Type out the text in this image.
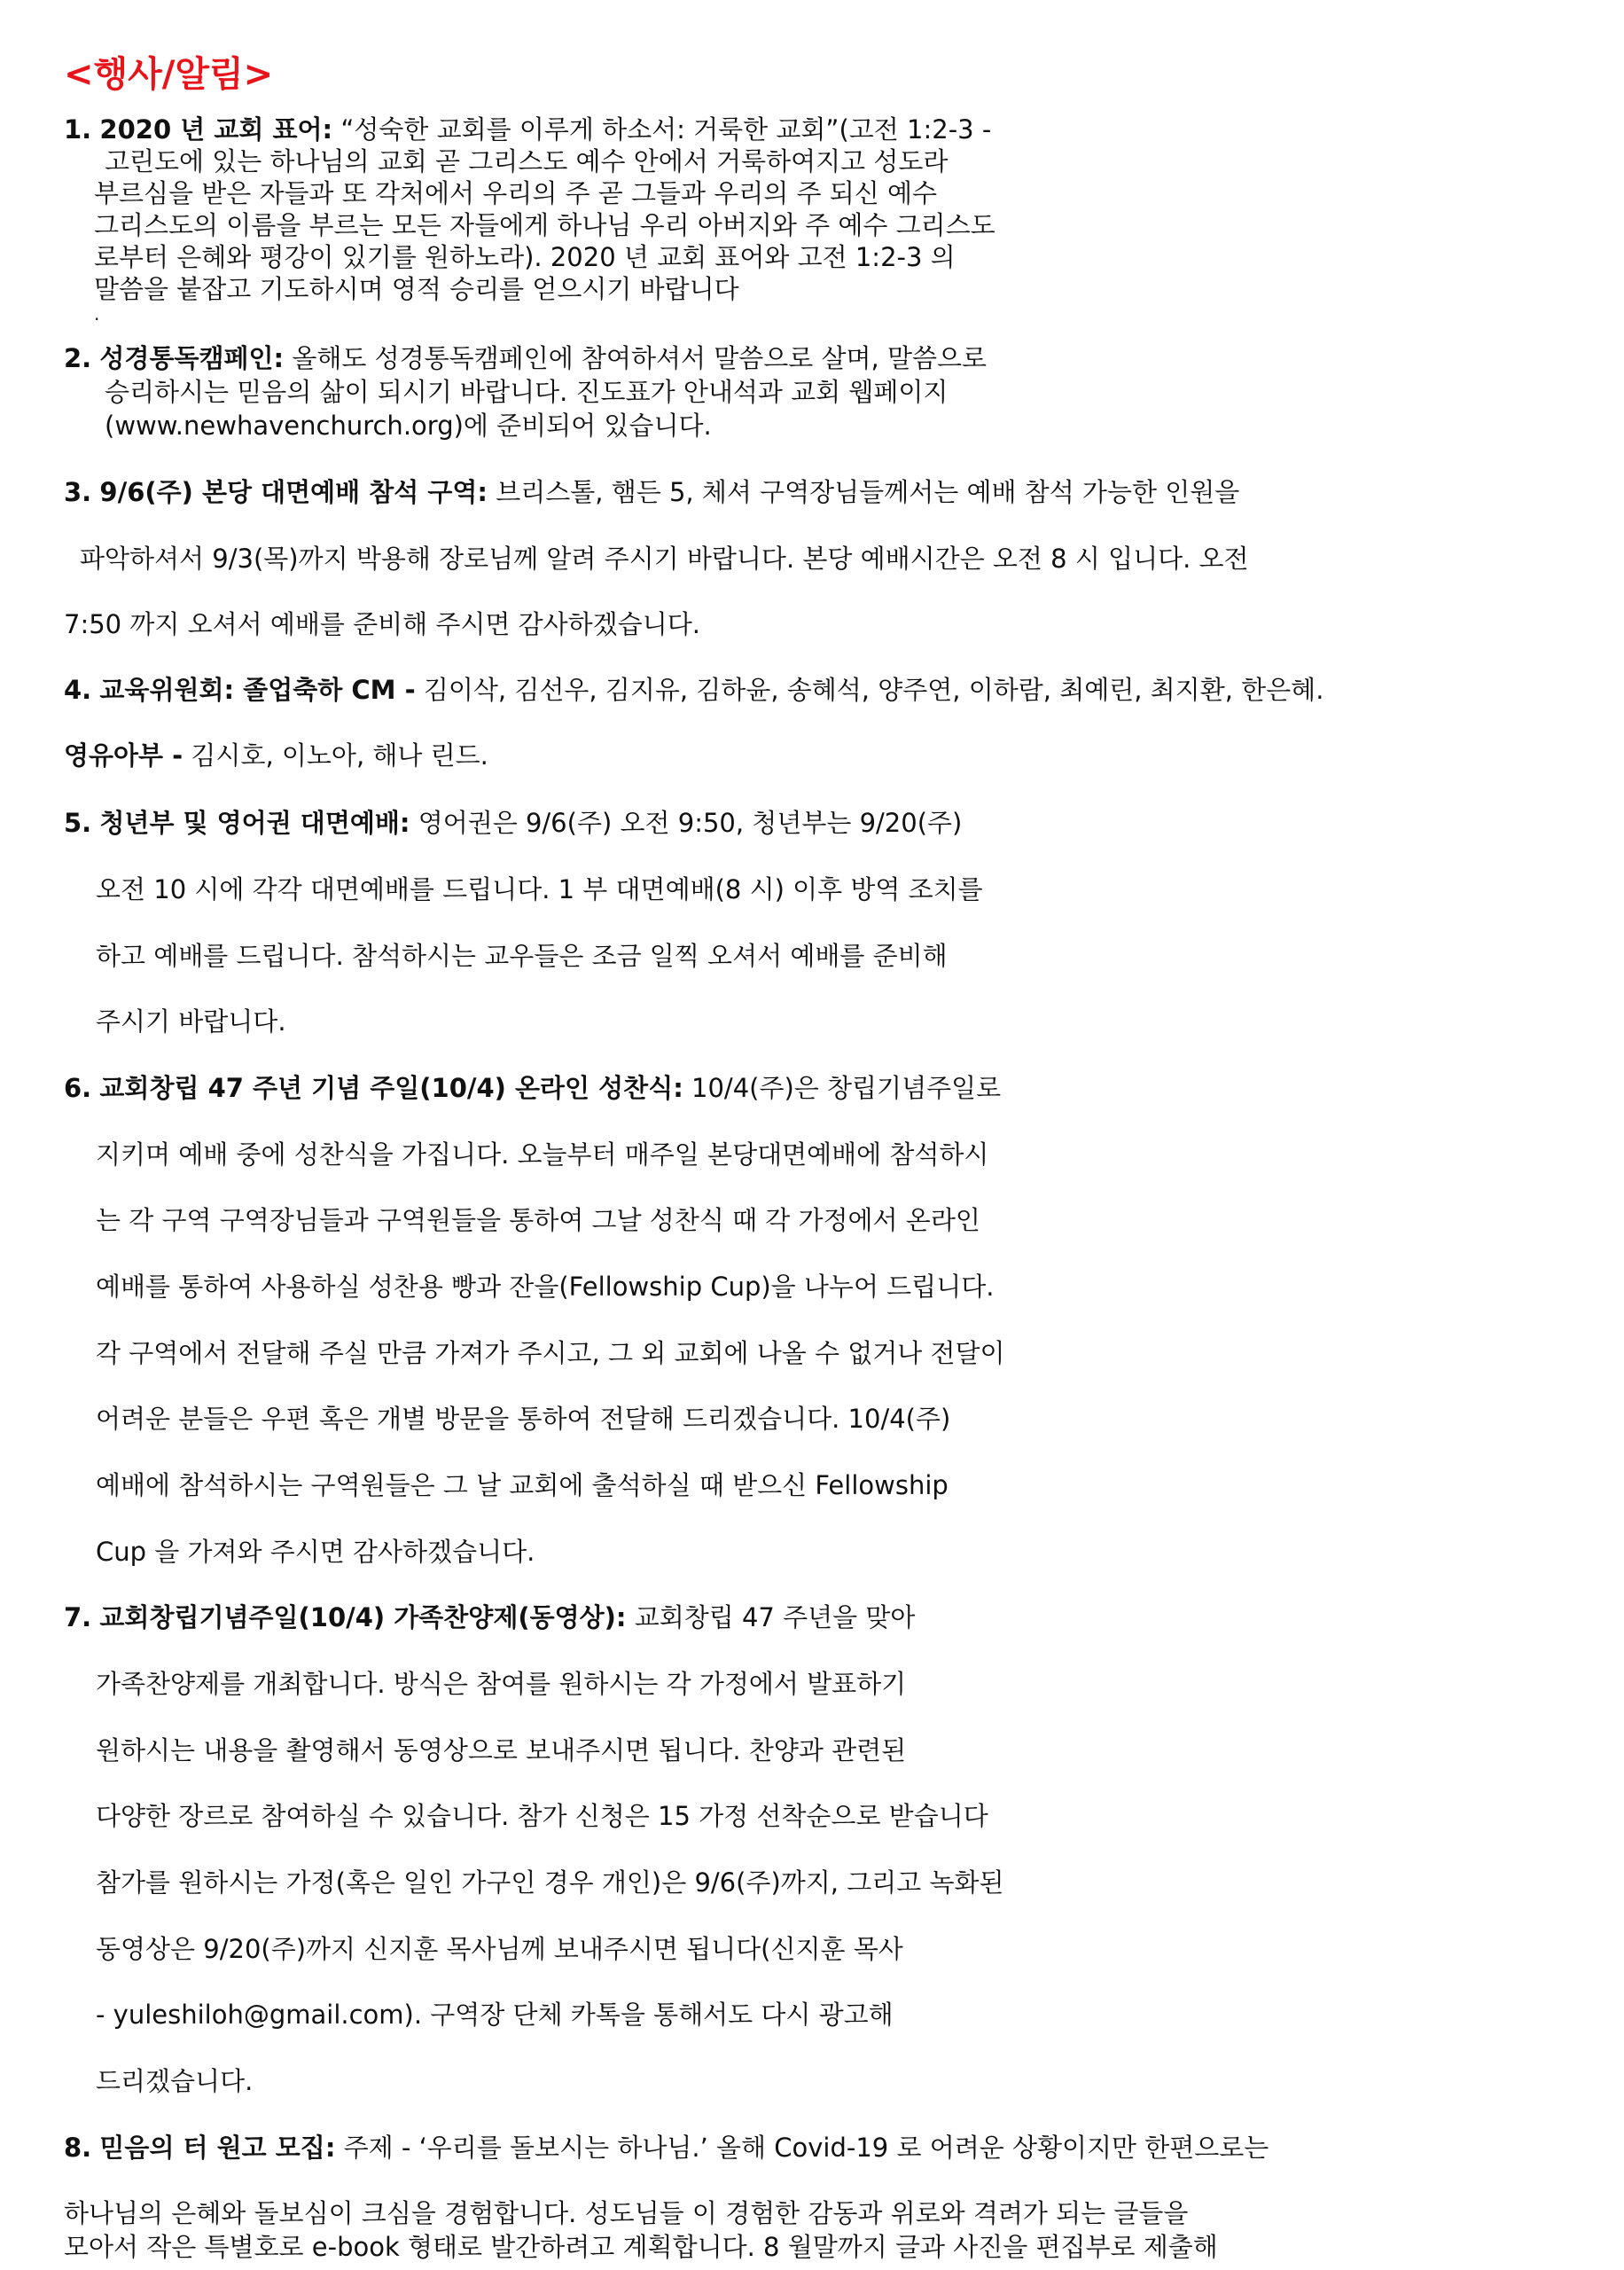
<행사/알림>
1. 2020 년 교회 표어: “성숙한 교회를 이루게 하소서: 거룩한 교회”(고전 1:2-3 -
고린도에 있는 하나님의 교회 곧 그리스도 예수 안에서 거룩하여지고 성도라
부르심을 받은 자들과 또 각처에서 우리의 주 곧 그들과 우리의 주 되신 예수
그리스도의 이름을 부르는 모든 자들에게 하나님 우리 아버지와 주 예수 그리스도
로부터 은혜와 평강이 있기를 원하노라). 2020 년 교회 표어와 고전 1:2-3 의
말씀을 붙잡고 기도하시며 영적 승리를 얻으시기 바랍니다
.
2. 성경통독캠페인: 올해도 성경통독캠페인에 참여하셔서 말씀으로 살며, 말씀으로
승리하시는 믿음의 삶이 되시기 바랍니다. 진도표가 안내석과 교회 웹페이지
(www.newhavenchurch.org)에 준비되어 있습니다.
3. 9/6(주) 본당 대면예배 참석 구역: 브리스톨, 햄든 5, 체셔 구역장님들께서는 예배 참석 가능한 인원을
파악하셔서 9/3(목)까지 박용해 장로님께 알려 주시기 바랍니다. 본당 예배시간은 오전 8 시 입니다. 오전
7:50 까지 오셔서 예배를 준비해 주시면 감사하겠습니다.
4. 교육위원회: 졸업축하 CM - 김이삭, 김선우, 김지유, 김하윤, 송혜석, 양주연, 이하람, 최예린, 최지환, 한은혜.
영유아부 - 김시호, 이노아, 해나 린드.
5. 청년부 및 영어권 대면예배: 영어권은 9/6(주) 오전 9:50, 청년부는 9/20(주)
오전 10 시에 각각 대면예배를 드립니다. 1 부 대면예배(8 시) 이후 방역 조치를
하고 예배를 드립니다. 참석하시는 교우들은 조금 일찍 오셔서 예배를 준비해
주시기 바랍니다.
6. 교회창립 47 주년 기념 주일(10/4) 온라인 성찬식: 10/4(주)은 창립기념주일로
지키며 예배 중에 성찬식을 가집니다. 오늘부터 매주일 본당대면예배에 참석하시
는 각 구역 구역장님들과 구역원들을 통하여 그날 성찬식 때 각 가정에서 온라인
예배를 통하여 사용하실 성찬용 빵과 잔을(Fellowship Cup)을 나누어 드립니다.
각 구역에서 전달해 주실 만큼 가져가 주시고, 그 외 교회에 나올 수 없거나 전달이
어려운 분들은 우편 혹은 개별 방문을 통하여 전달해 드리겠습니다. 10/4(주)
예배에 참석하시는 구역원들은 그 날 교회에 출석하실 때 받으신 Fellowship
Cup 을 가져와 주시면 감사하겠습니다.
7. 교회창립기념주일(10/4) 가족찬양제(동영상): 교회창립 47 주년을 맞아
가족찬양제를 개최합니다. 방식은 참여를 원하시는 각 가정에서 발표하기
원하시는 내용을 촬영해서 동영상으로 보내주시면 됩니다. 찬양과 관련된
다양한 장르로 참여하실 수 있습니다. 참가 신청은 15 가정 선착순으로 받습니다
참가를 원하시는 가정(혹은 일인 가구인 경우 개인)은 9/6(주)까지, 그리고 녹화된
동영상은 9/20(주)까지 신지훈 목사님께 보내주시면 됩니다(신지훈 목사
- yuleshiloh@gmail.com). 구역장 단체 카톡을 통해서도 다시 광고해
드리겠습니다.
8. 믿음의 터 원고 모집: 주제 - ‘우리를 돌보시는 하나님.’ 올해 Covid-19 로 어려운 상황이지만 한편으로는
하나님의 은혜와 돌보심이 크심을 경험합니다. 성도님들 이 경험한 감동과 위로와 격려가 되는 글들을
모아서 작은 특별호로 e-book 형태로 발간하려고 계획합니다. 8 월말까지 글과 사진을 편집부로 제출해
